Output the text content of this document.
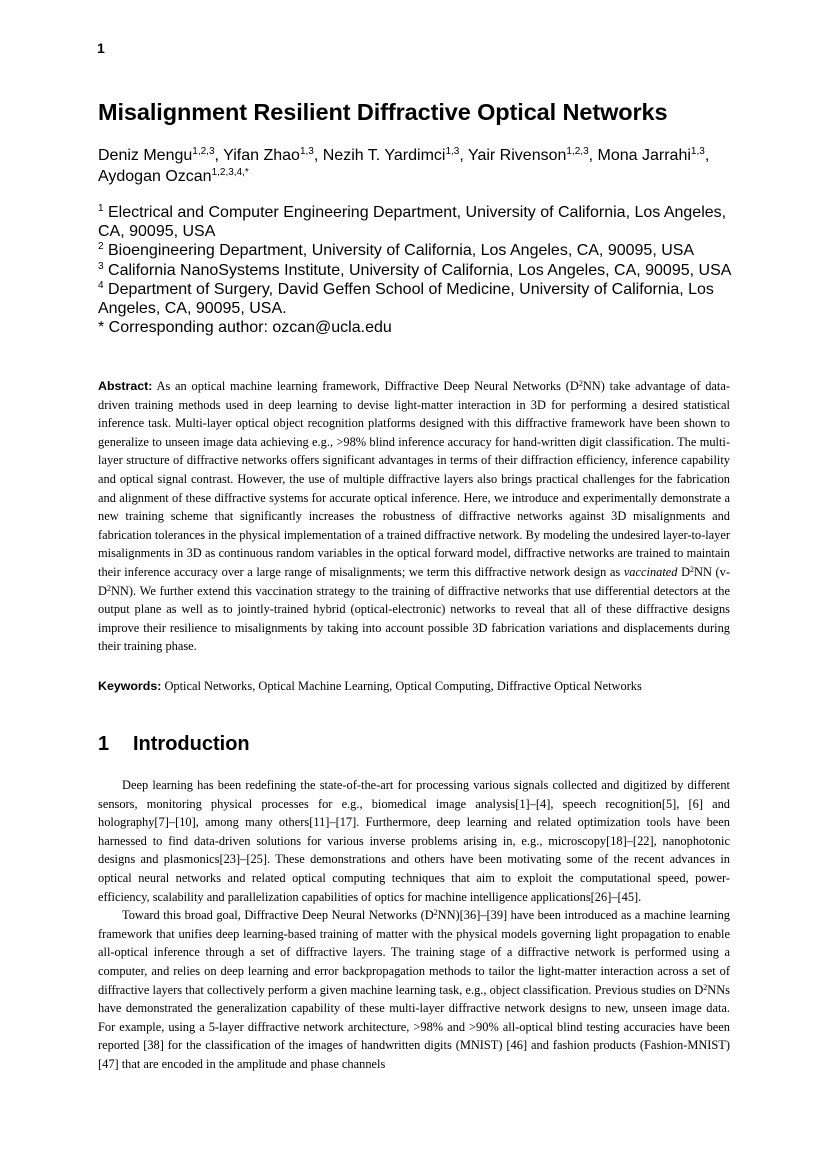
1
Misalignment Resilient Diffractive Optical Networks
Deniz Mengu$^{1,2,3}$, Yifan Zhao$^{1,3}$, Nezih T. Yardimci$^{1,3}$, Yair Rivenson$^{1,2,3}$, Mona Jarrahi$^{1,3}$, Aydogan Ozcan$^{1,2,3,4,*}$
$^1$ Electrical and Computer Engineering Department, University of California, Los Angeles, CA, 90095, USA
$^2$ Bioengineering Department, University of California, Los Angeles, CA, 90095, USA
$^3$ California NanoSystems Institute, University of California, Los Angeles, CA, 90095, USA
$^4$ Department of Surgery, David Geffen School of Medicine, University of California, Los Angeles, CA, 90095, USA.
* Corresponding author: ozcan@ucla.edu
Abstract: As an optical machine learning framework, Diffractive Deep Neural Networks $(D^2NN)$ take advantage of data-driven training methods used in deep learning to devise light-matter interaction in 3D for performing a desired statistical inference task. Multi-layer optical object recognition platforms designed with this diffractive framework have been shown to generalize to unseen image data achieving e.g., >98% blind inference accuracy for hand-written digit classification. The multi-layer structure of diffractive networks offers significant advantages in terms of their diffraction efficiency, inference capability and optical signal contrast. However, the use of multiple diffractive layers also brings practical challenges for the fabrication and alignment of these diffractive systems for accurate optical inference. Here, we introduce and experimentally demonstrate a new training scheme that significantly increases the robustness of diffractive networks against 3D misalignments and fabrication tolerances in the physical implementation of a trained diffractive network. By modeling the undesired layer-to-layer misalignments in 3D as continuous random variables in the optical forward model, diffractive networks are trained to maintain their inference accuracy over a large range of misalignments; we term this diffractive network design as vaccinated $D^2NN$ $(v-D^2NN)$. We further extend this vaccination strategy to the training of diffractive networks that use differential detectors at the output plane as well as to jointly-trained hybrid (optical-electronic) networks to reveal that all of these diffractive designs improve their resilience to misalignments by taking into account possible 3D fabrication variations and displacements during their training phase.
Keywords: Optical Networks, Optical Machine Learning, Optical Computing, Diffractive Optical Networks
1 Introduction

Deep learning has been redefining the state-of-the-art for processing various signals collected and digitized by different sensors, monitoring physical processes for e.g., biomedical image analysis[1]–[4], speech recognition[5], [6] and holography[7]–[10], among many others[11]–[17]. Furthermore, deep learning and related optimization tools have been harnessed to find data-driven solutions for various inverse problems arising in, e.g., microscopy[18]–[22], nanophotonic designs and plasmonics[23]–[25]. These demonstrations and others have been motivating some of the recent advances in optical neural networks and related optical computing techniques that aim to exploit the computational speed, power-efficiency, scalability and parallelization capabilities of optics for machine intelligence applications[26]–[45].

Toward this broad goal, Diffractive Deep Neural Networks $(D^2NN)[36]-[39]$ have been introduced as a machine learning framework that unifies deep learning-based training of matter with the physical models governing light propagation to enable all-optical inference through a set of diffractive layers. The training stage of a diffractive network is performed using a computer, and relies on deep learning and error backpropagation methods to tailor the light-matter interaction across a set of diffractive layers that collectively perform a given machine learning task, e.g., object classification. Previous studies on $D^2NNs$ have demonstrated the generalization capability of these multi-layer diffractive network designs to new, unseen image data. For example, using a 5-layer diffractive network architecture, >98% and >90% all-optical blind testing accuracies have been reported [38] for the classification of the images of handwritten digits (MNIST) [46] and fashion products (Fashion-MNIST) [47] that are encoded in the amplitude and phase channels
